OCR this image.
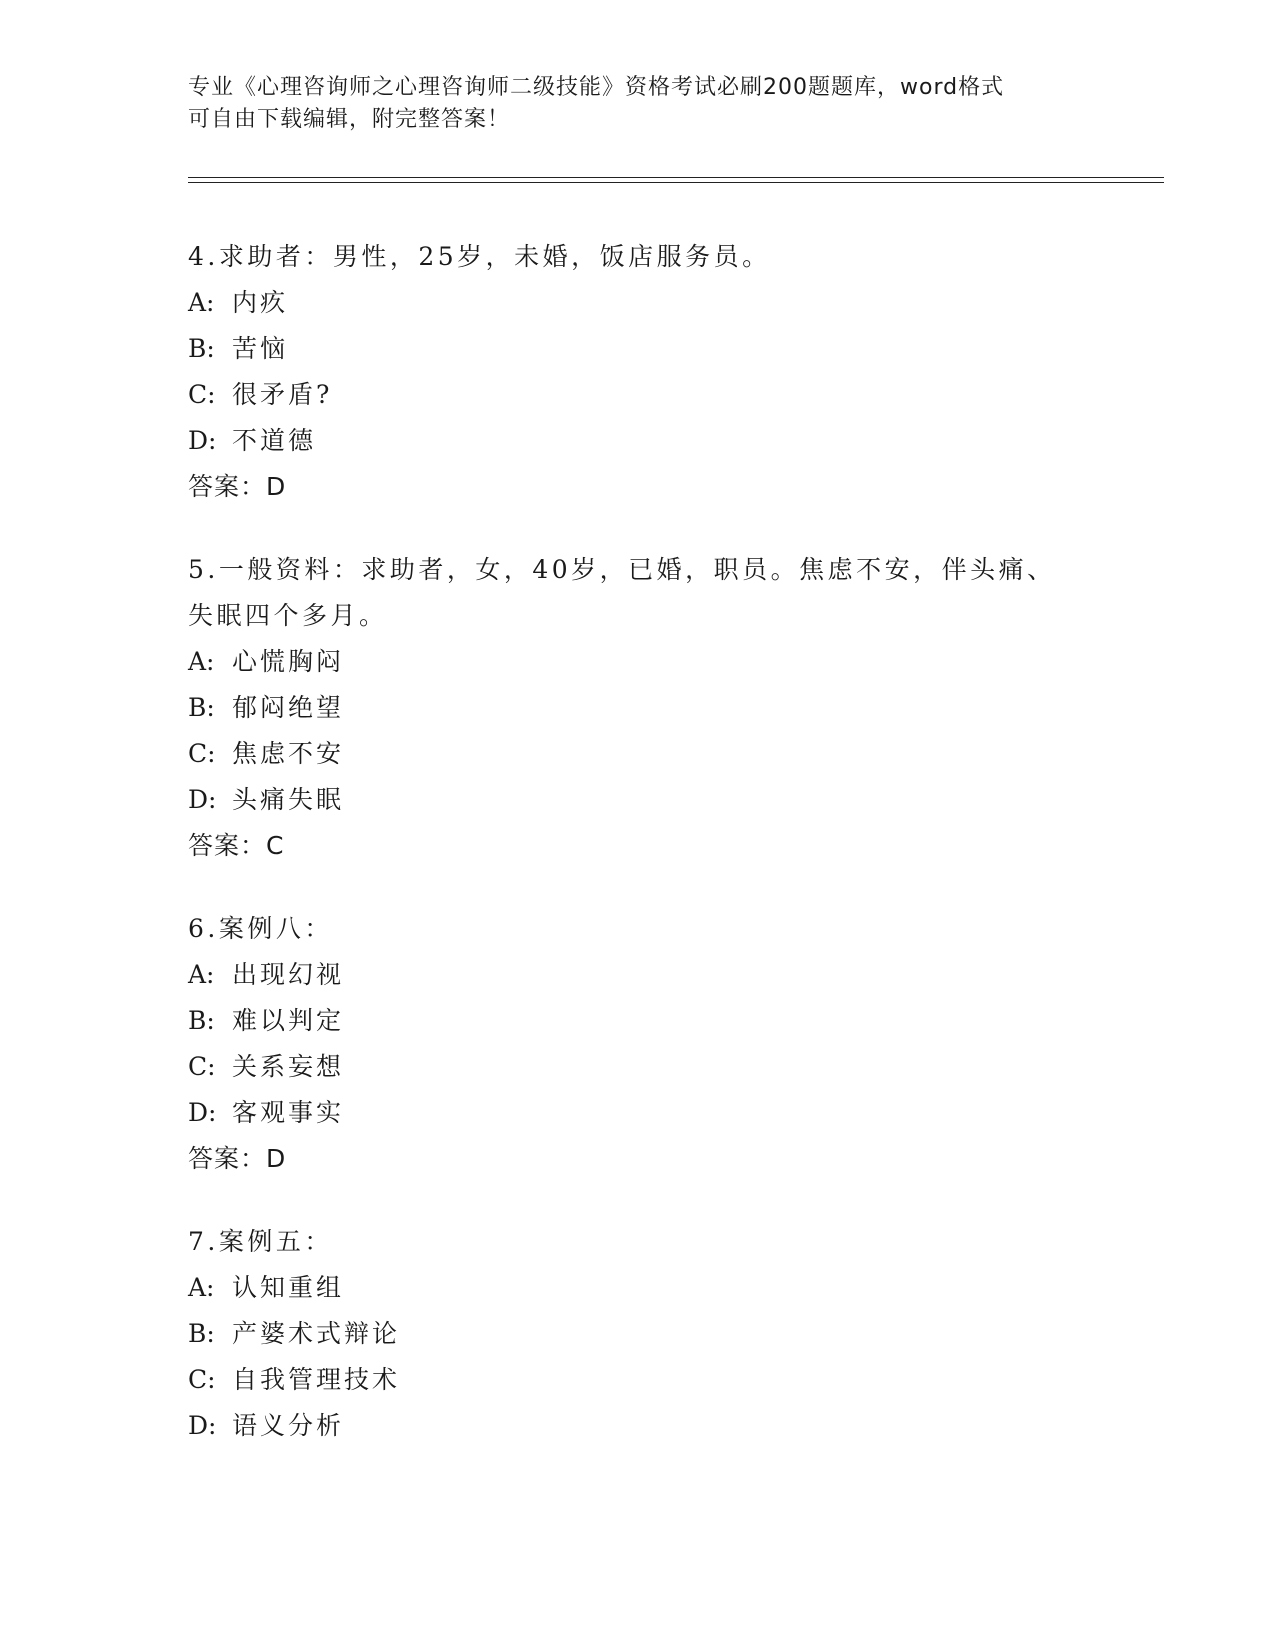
专业《心理咨询师之心理咨询师二级技能》资格考试必刷200题题库，word格式
可自由下载编辑，附完整答案！
4.求助者：男性，25岁，未婚，饭店服务员。
A: 内疚
B: 苦恼
C: 很矛盾?
D: 不道德
答案：D
5.一般资料：求助者，女，40岁，已婚，职员。焦虑不安，伴头痛、
失眠四个多月。
A: 心慌胸闷
B: 郁闷绝望
C: 焦虑不安
D: 头痛失眠
答案：C
6.案例八：
A: 出现幻视
B: 难以判定
C: 关系妄想
D: 客观事实
答案：D
7.案例五：
A: 认知重组
B: 产婆术式辩论
C: 自我管理技术
D: 语义分析
